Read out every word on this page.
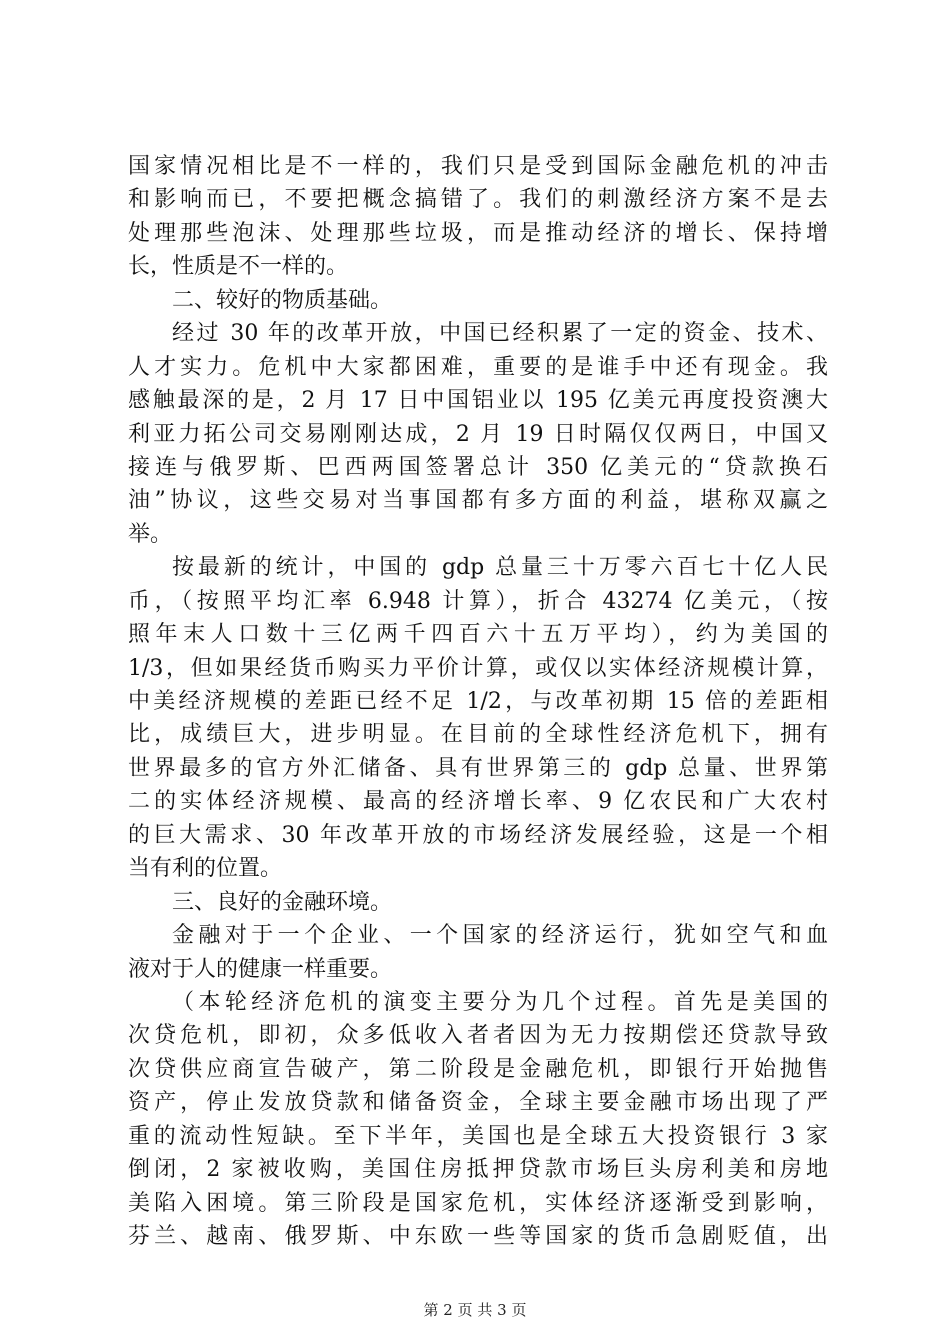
国家情况相比是不一样的，我们只是受到国际金融危机的冲击
和影响而已，不要把概念搞错了。我们的刺激经济方案不是去
处理那些泡沫、处理那些垃圾，而是推动经济的增长、保持增
长，性质是不一样的。
二、较好的物质基础。
经过 30 年的改革开放，中国已经积累了一定的资金、技术、
人才实力。危机中大家都困难，重要的是谁手中还有现金。我
感触最深的是，2 月 17 日中国铝业以 195 亿美元再度投资澳大
利亚力拓公司交易刚刚达成，2 月 19 日时隔仅仅两日，中国又
接连与俄罗斯、巴西两国签署总计 350 亿美元的“贷款换石
油”协议，这些交易对当事国都有多方面的利益，堪称双赢之
举。
按最新的统计，中国的 gdp 总量三十万零六百七十亿人民
币，（按照平均汇率 6.948 计算），折合 43274 亿美元，（按
照年末人口数十三亿两千四百六十五万平均），约为美国的
1/3，但如果经货币购买力平价计算，或仅以实体经济规模计算，
中美经济规模的差距已经不足 1/2，与改革初期 15 倍的差距相
比，成绩巨大，进步明显。在目前的全球性经济危机下，拥有
世界最多的官方外汇储备、具有世界第三的 gdp 总量、世界第
二的实体经济规模、最高的经济增长率、9 亿农民和广大农村
的巨大需求、30 年改革开放的市场经济发展经验，这是一个相
当有利的位置。
三、良好的金融环境。
金融对于一个企业、一个国家的经济运行，犹如空气和血
液对于人的健康一样重要。
（本轮经济危机的演变主要分为几个过程。首先是美国的
次贷危机，即初，众多低收入者者因为无力按期偿还贷款导致
次贷供应商宣告破产，第二阶段是金融危机，即银行开始抛售
资产，停止发放贷款和储备资金，全球主要金融市场出现了严
重的流动性短缺。至下半年，美国也是全球五大投资银行 3 家
倒闭，2 家被收购，美国住房抵押贷款市场巨头房利美和房地
美陷入困境。第三阶段是国家危机，实体经济逐渐受到影响，
芬兰、越南、俄罗斯、中东欧一些等国家的货币急剧贬值，出
第 2 页 共 3 页
